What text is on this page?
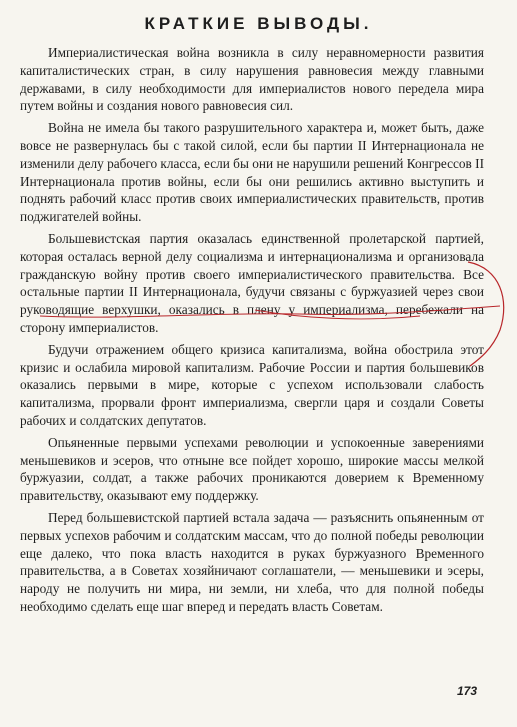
КРАТКИЕ ВЫВОДЫ.

Империалистическая война возникла в силу неравномерности развития капиталистических стран, в силу нарушения равновесия между главными державами, в силу необходимости для империалистов нового передела мира путем войны и создания нового равновесия сил.

Война не имела бы такого разрушительного характера и, может быть, даже вовсе не развернулась бы с такой силой, если бы партии II Интернационала не изменили делу рабочего класса, если бы они не нарушили решений Конгрессов II Интернационала против войны, если бы они решились активно выступить и поднять рабочий класс против своих империалистических правительств, против поджигателей войны.

Большевистская партия оказалась единственной пролетарской партией, которая осталась верной делу социализма и интернационализма и организовала гражданскую войну против своего империалистического правительства. Все остальные партии II Интернационала, будучи связаны с буржуазией через свои руководящие верхушки, оказались в плену у империализма, перебежали на сторону империалистов.

Будучи отражением общего кризиса капитализма, война обострила этот кризис и ослабила мировой капитализм. Рабочие России и партия большевиков оказались первыми в мире, которые с успехом использовали слабость капитализма, прорвали фронт империализма, свергли царя и создали Советы рабочих и солдатских депутатов.

Опьяненные первыми успехами революции и успокоенные заверениями меньшевиков и эсеров, что отныне все пойдет хорошо, широкие массы мелкой буржуазии, солдат, а также рабочих проникаются доверием к Временному правительству, оказывают ему поддержку.

Перед большевистской партией встала задача — разъяснить опьяненным от первых успехов рабочим и солдатским массам, что до полной победы революции еще далеко, что пока власть находится в руках буржуазного Временного правительства, а в Советах хозяйничают соглашатели, — меньшевики и эсеры, народу не получить ни мира, ни земли, ни хлеба, что для полной победы необходимо сделать еще шаг вперед и передать власть Советам.

173
